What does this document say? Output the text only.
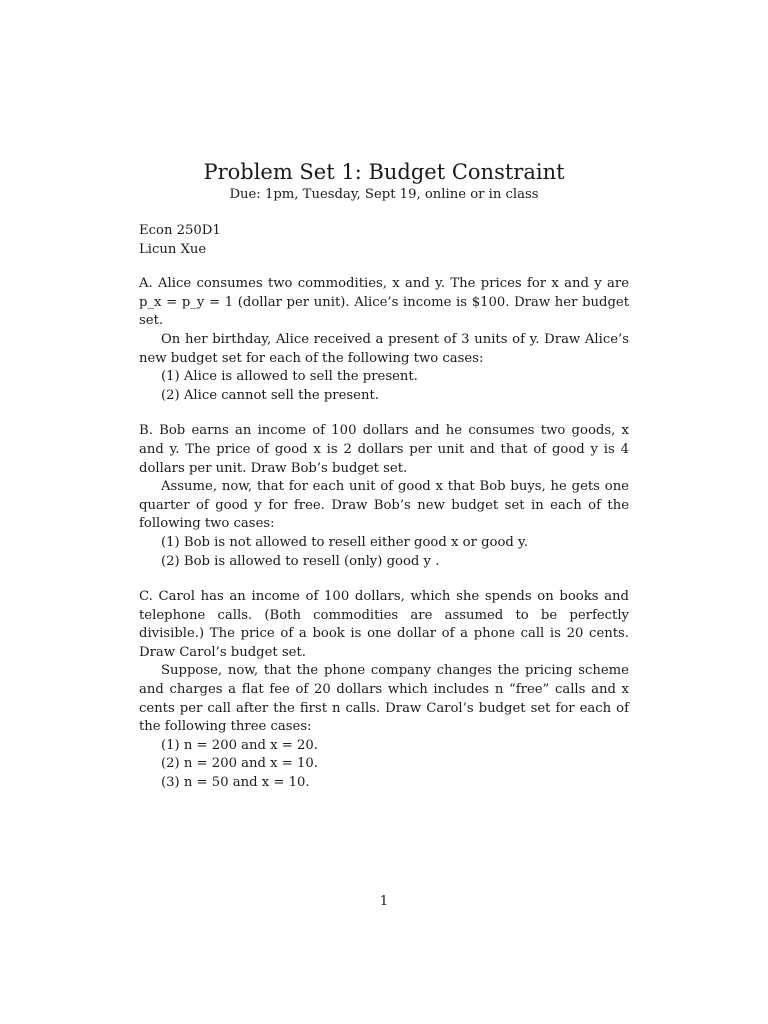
Problem Set 1: Budget Constraint
Due: 1pm, Tuesday, Sept 19, online or in class
Econ 250D1
Licun Xue

A. Alice consumes two commodities, x and y. The prices for x and y are p_x = p_y = 1 (dollar per unit). Alice’s income is $100. Draw her budget set.

On her birthday, Alice received a present of 3 units of y. Draw Alice’s new budget set for each of the following two cases:

(1) Alice is allowed to sell the present.

(2) Alice cannot sell the present.

B. Bob earns an income of 100 dollars and he consumes two goods, x and y. The price of good x is 2 dollars per unit and that of good y is 4 dollars per unit. Draw Bob’s budget set.

Assume, now, that for each unit of good x that Bob buys, he gets one quarter of good y for free. Draw Bob’s new budget set in each of the following two cases:

(1) Bob is not allowed to resell either good x or good y.

(2) Bob is allowed to resell (only) good y .

C. Carol has an income of 100 dollars, which she spends on books and telephone calls. (Both commodities are assumed to be perfectly divisible.) The price of a book is one dollar of a phone call is 20 cents. Draw Carol’s budget set.

Suppose, now, that the phone company changes the pricing scheme and charges a flat fee of 20 dollars which includes n “free” calls and x cents per call after the first n calls. Draw Carol’s budget set for each of the following three cases:

(1) n = 200 and x = 20.

(2) n = 200 and x = 10.

(3) n = 50 and x = 10.

1
